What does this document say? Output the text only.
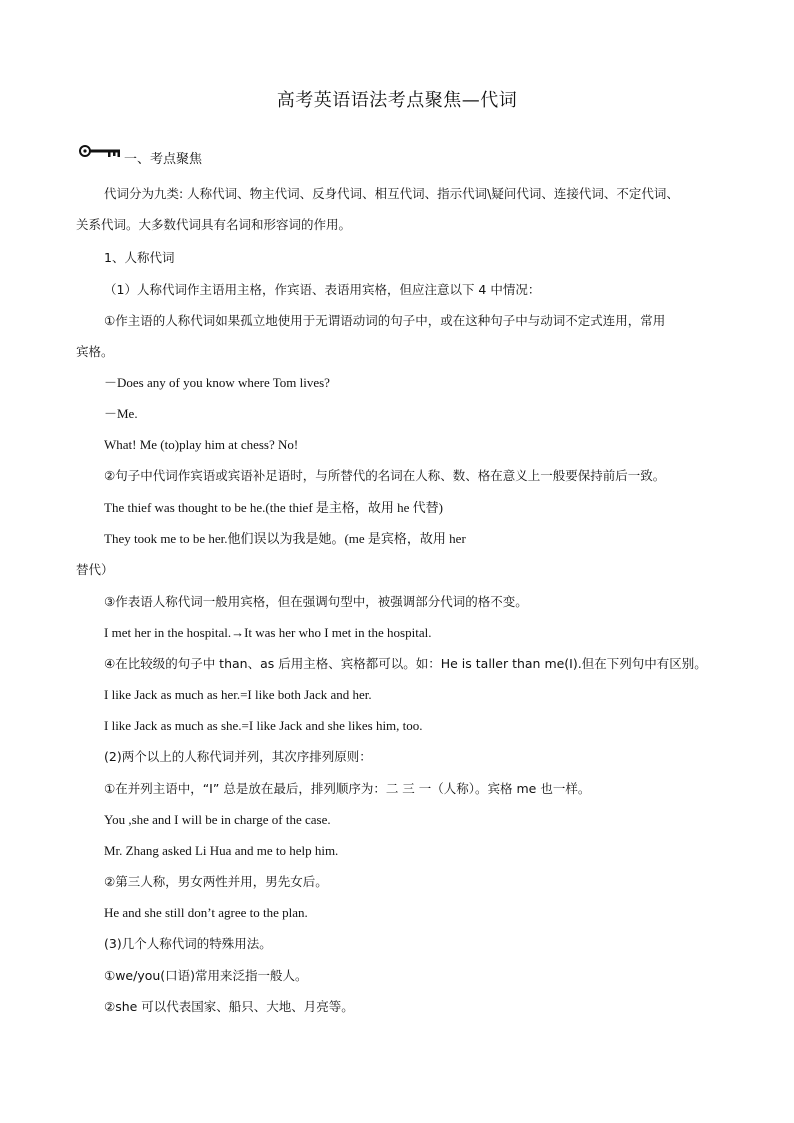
高考英语语法考点聚焦—代词
一、考点聚焦
代词分为九类: 人称代词、物主代词、反身代词、相互代词、指示代词\疑问代词、连接代词、不定代词、
关系代词。大多数代词具有名词和形容词的作用。
1、人称代词
（1）人称代词作主语用主格，作宾语、表语用宾格，但应注意以下 4 中情况：
①作主语的人称代词如果孤立地使用于无谓语动词的句子中，或在这种句子中与动词不定式连用，常用
宾格。
－Does any of you know where Tom lives?
－Me.
What! Me (to)play him at chess? No!
②句子中代词作宾语或宾语补足语时，与所替代的名词在人称、数、格在意义上一般要保持前后一致。
The thief was thought to be he.(the thief 是主格，故用 he 代替)
They took me to be her.他们误以为我是她。(me 是宾格，故用 her
替代）
③作表语人称代词一般用宾格，但在强调句型中，被强调部分代词的格不变。
I met her in the hospital.→It was her who I met in the hospital.
④在比较级的句子中 than、as 后用主格、宾格都可以。如：He is taller than me(I).但在下列句中有区别。
I like Jack as much as her.=I like both Jack and her.
I like Jack as much as she.=I like Jack and she likes him, too.
(2)两个以上的人称代词并列，其次序排列原则：
①在并列主语中，“I” 总是放在最后，排列顺序为：二 三 一（人称）。宾格 me 也一样。
You ,she and I will be in charge of the case.
Mr. Zhang asked Li Hua and me to help him.
②第三人称，男女两性并用，男先女后。
He and she still don’t agree to the plan.
(3)几个人称代词的特殊用法。
①we/you(口语)常用来泛指一般人。
②she 可以代表国家、船只、大地、月亮等。
